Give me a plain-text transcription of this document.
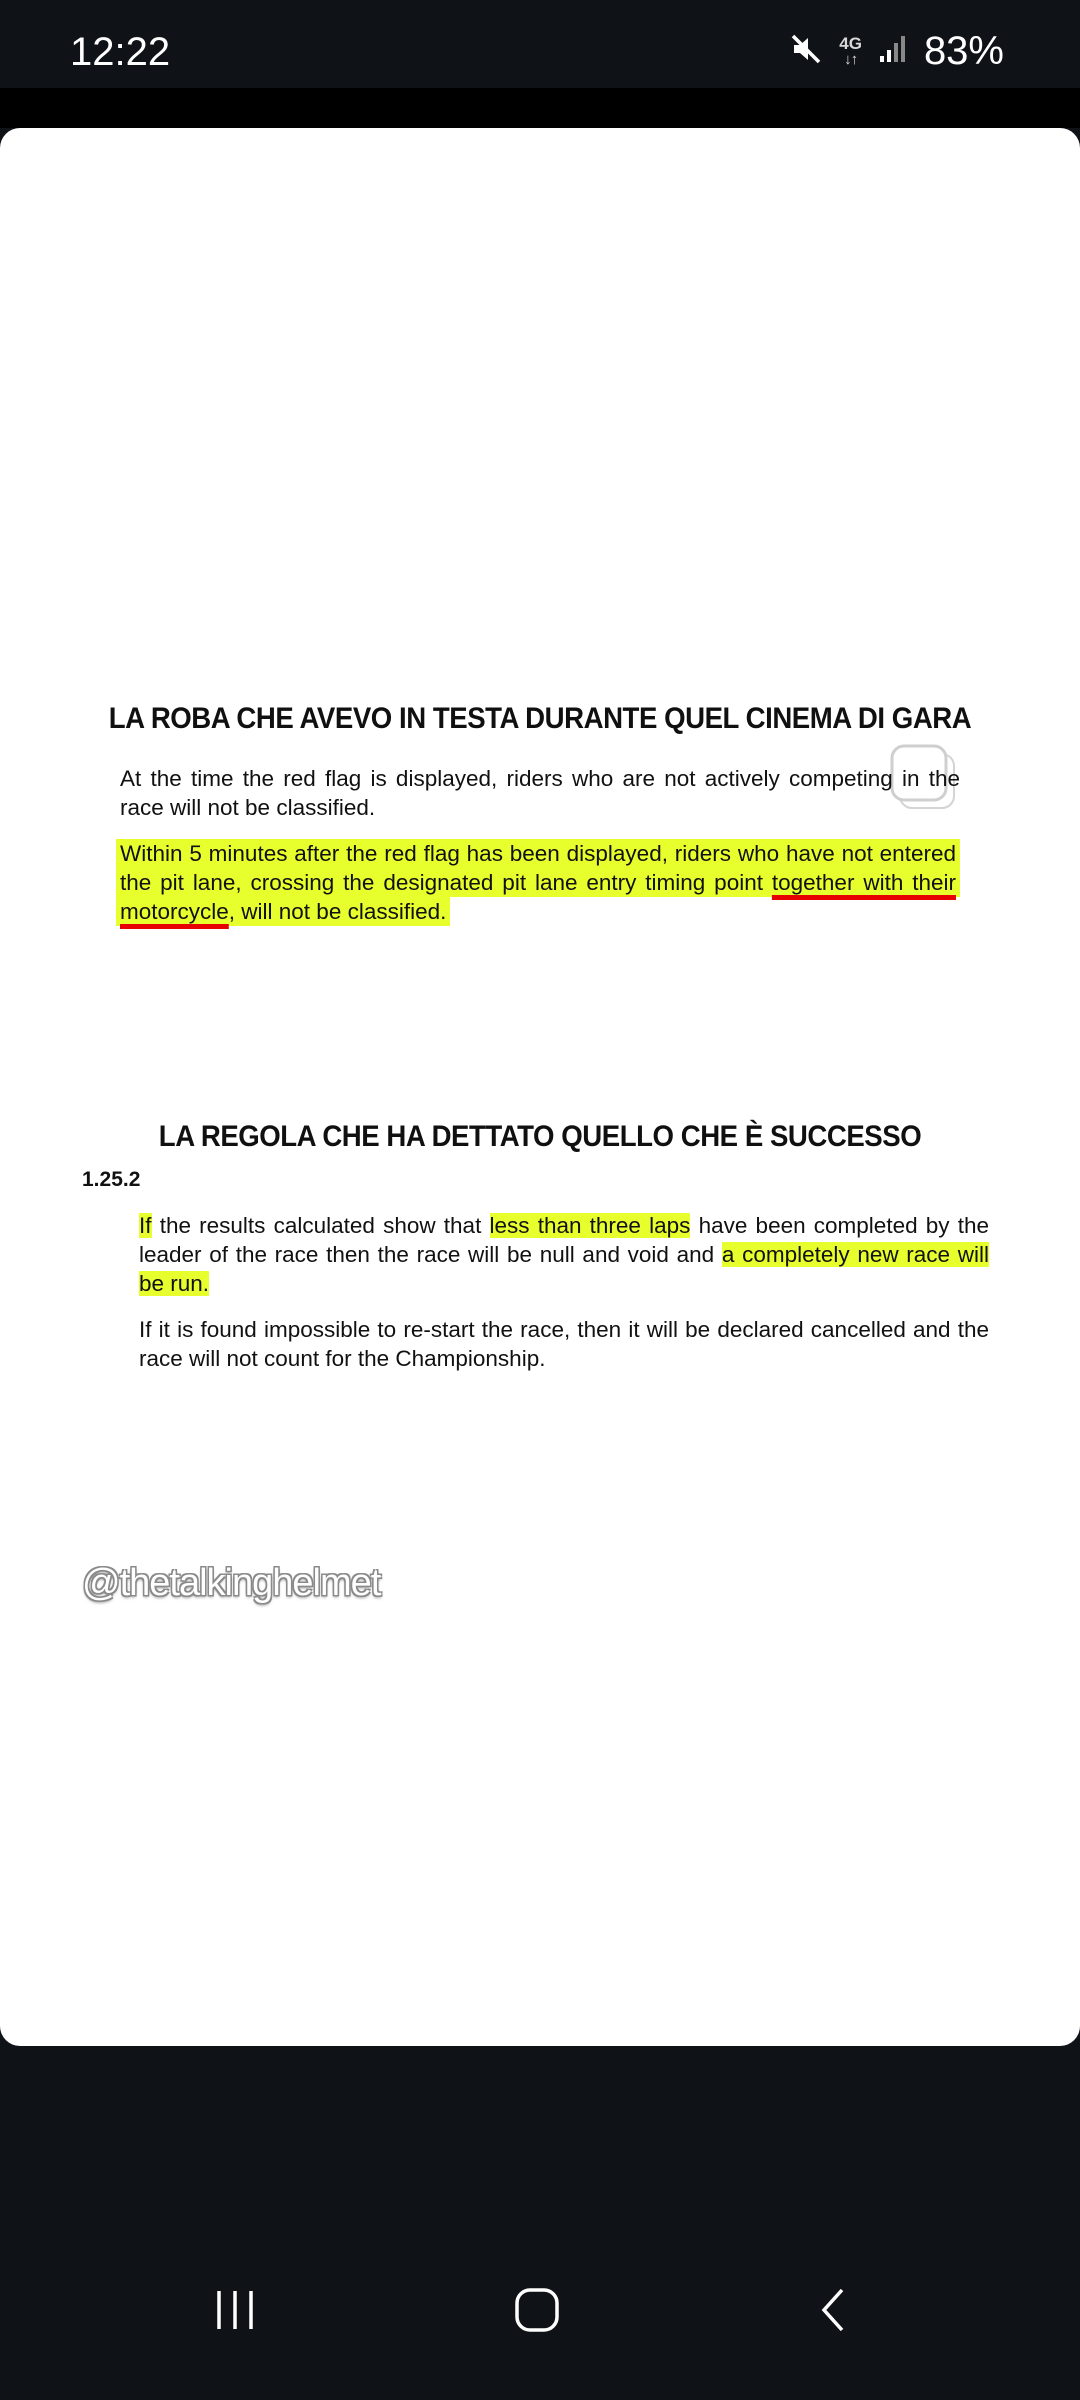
12:22	4G
↓↑ 83%
LA ROBA CHE AVEVO IN TESTA DURANTE QUEL CINEMA DI GARA
At the time the red flag is displayed, riders who are not actively competing in the race will not be classified.
Within 5 minutes after the red flag has been displayed, riders who have not entered the pit lane, crossing the designated pit lane entry timing point together with their motorcycle, will not be classified.
LA REGOLA CHE HA DETTATO QUELLO CHE È SUCCESSO
1.25.2
If the results calculated show that less than three laps have been completed by the leader of the race then the race will be null and void and a completely new race will be run.
If it is found impossible to re-start the race, then it will be declared cancelled and the race will not count for the Championship.
@thetalkinghelmet
